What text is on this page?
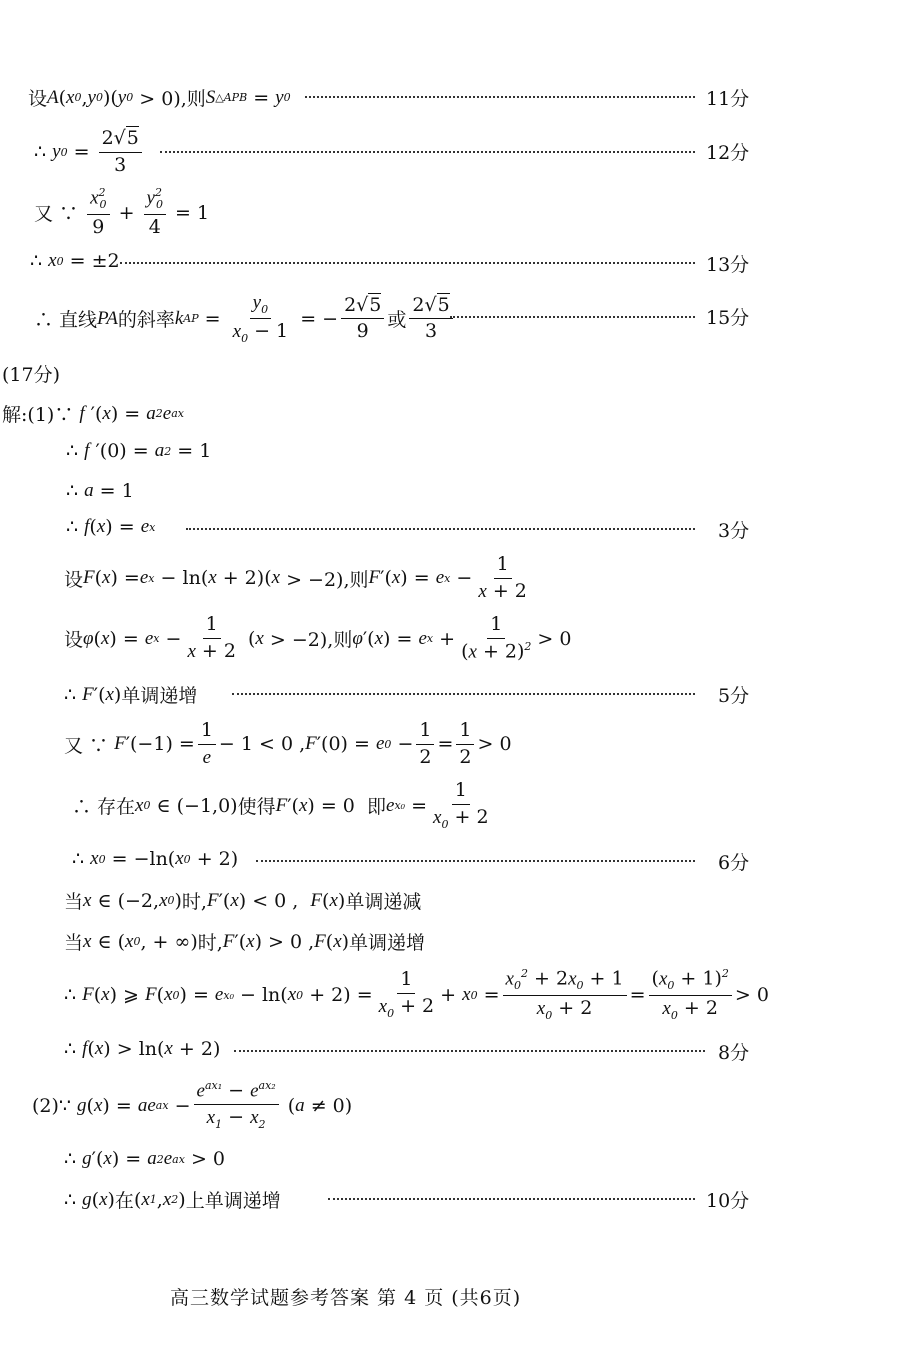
设 A ( x 0 , y 0 )( y 0 > 0),则 S △APB = y 0	11分
∴ y $0 = \frac{2√5}{3}$	12分
又 ∵ $\frac{x^2_0}{9} + \frac{y^2_0}{4} = 1$
∴ x 0 = ±2	13分
∴ 直线 PA 的斜率 k AP = $\frac{y_0}{x_0 - 1}$ = − $\frac{2√5}{9}$ 或 $\frac{2√5}{3}$	15分
(17分)
解:(1)∵ f ′( x ) = a 2 e ax
∴ f ′(0) = a 2 = 1
∴ a = 1
∴ f ( x ) = e x	3分
设 F ( x ) = e x − ln( x + 2)( x > −2),则 F ′( x ) = e $x - \frac{1}{x + 2}$
设 φ ( x ) = e $x - \frac{1}{x + 2}$ ( x > −2),则 φ ′( x ) = e $x + \frac{1}{(x + 2)^2} > 0$
∴ F ′( x ) 单调递增	5分
又 ∵ F $'(-1) = \frac{1}{e} - 1 < 0$ , F ′(0) = e $0 - \frac{1}{2} = \frac{1}{2} > 0$
∴ 存在 x 0 ∈ (−1,0) 使得 F ′( x ) = 0 即 e $x_0 = \frac{1}{x_0 + 2}$
∴ x 0 = −ln( x 0 + 2)	6分
当 x ∈ (−2, x 0 ) 时, F ′( x ) < 0 , F ( x ) 单调递减
当 x ∈ ( x 0 , + ∞) 时, F ′( x ) > 0 , F ( x ) 单调递增
∴ F ( x ) ⩾ F ( x 0 ) = e x₀ − ln( x $0 + 2) = \frac{1}{x_0 + 2} + x$ $0 = \frac{x_0^2 + 2x_0 + 1}{x_0 + 2} = \frac{(x_0 + 1)^2}{x_0 + 2} > 0$
∴ f ( x ) > ln( x + 2)	8分
(2)∵ g ( x ) = ae ax − $\frac{e^{ax_1} - e^{ax_2}}{x_1 - x_2}$ ( a ≠ 0)
∴ g ′( x ) = a 2 e ax > 0
∴ g ( x ) 在 ( x 1 , x 2 ) 上单调递增	10分
高三数学试题参考答案 第 4 页 (共6页)
